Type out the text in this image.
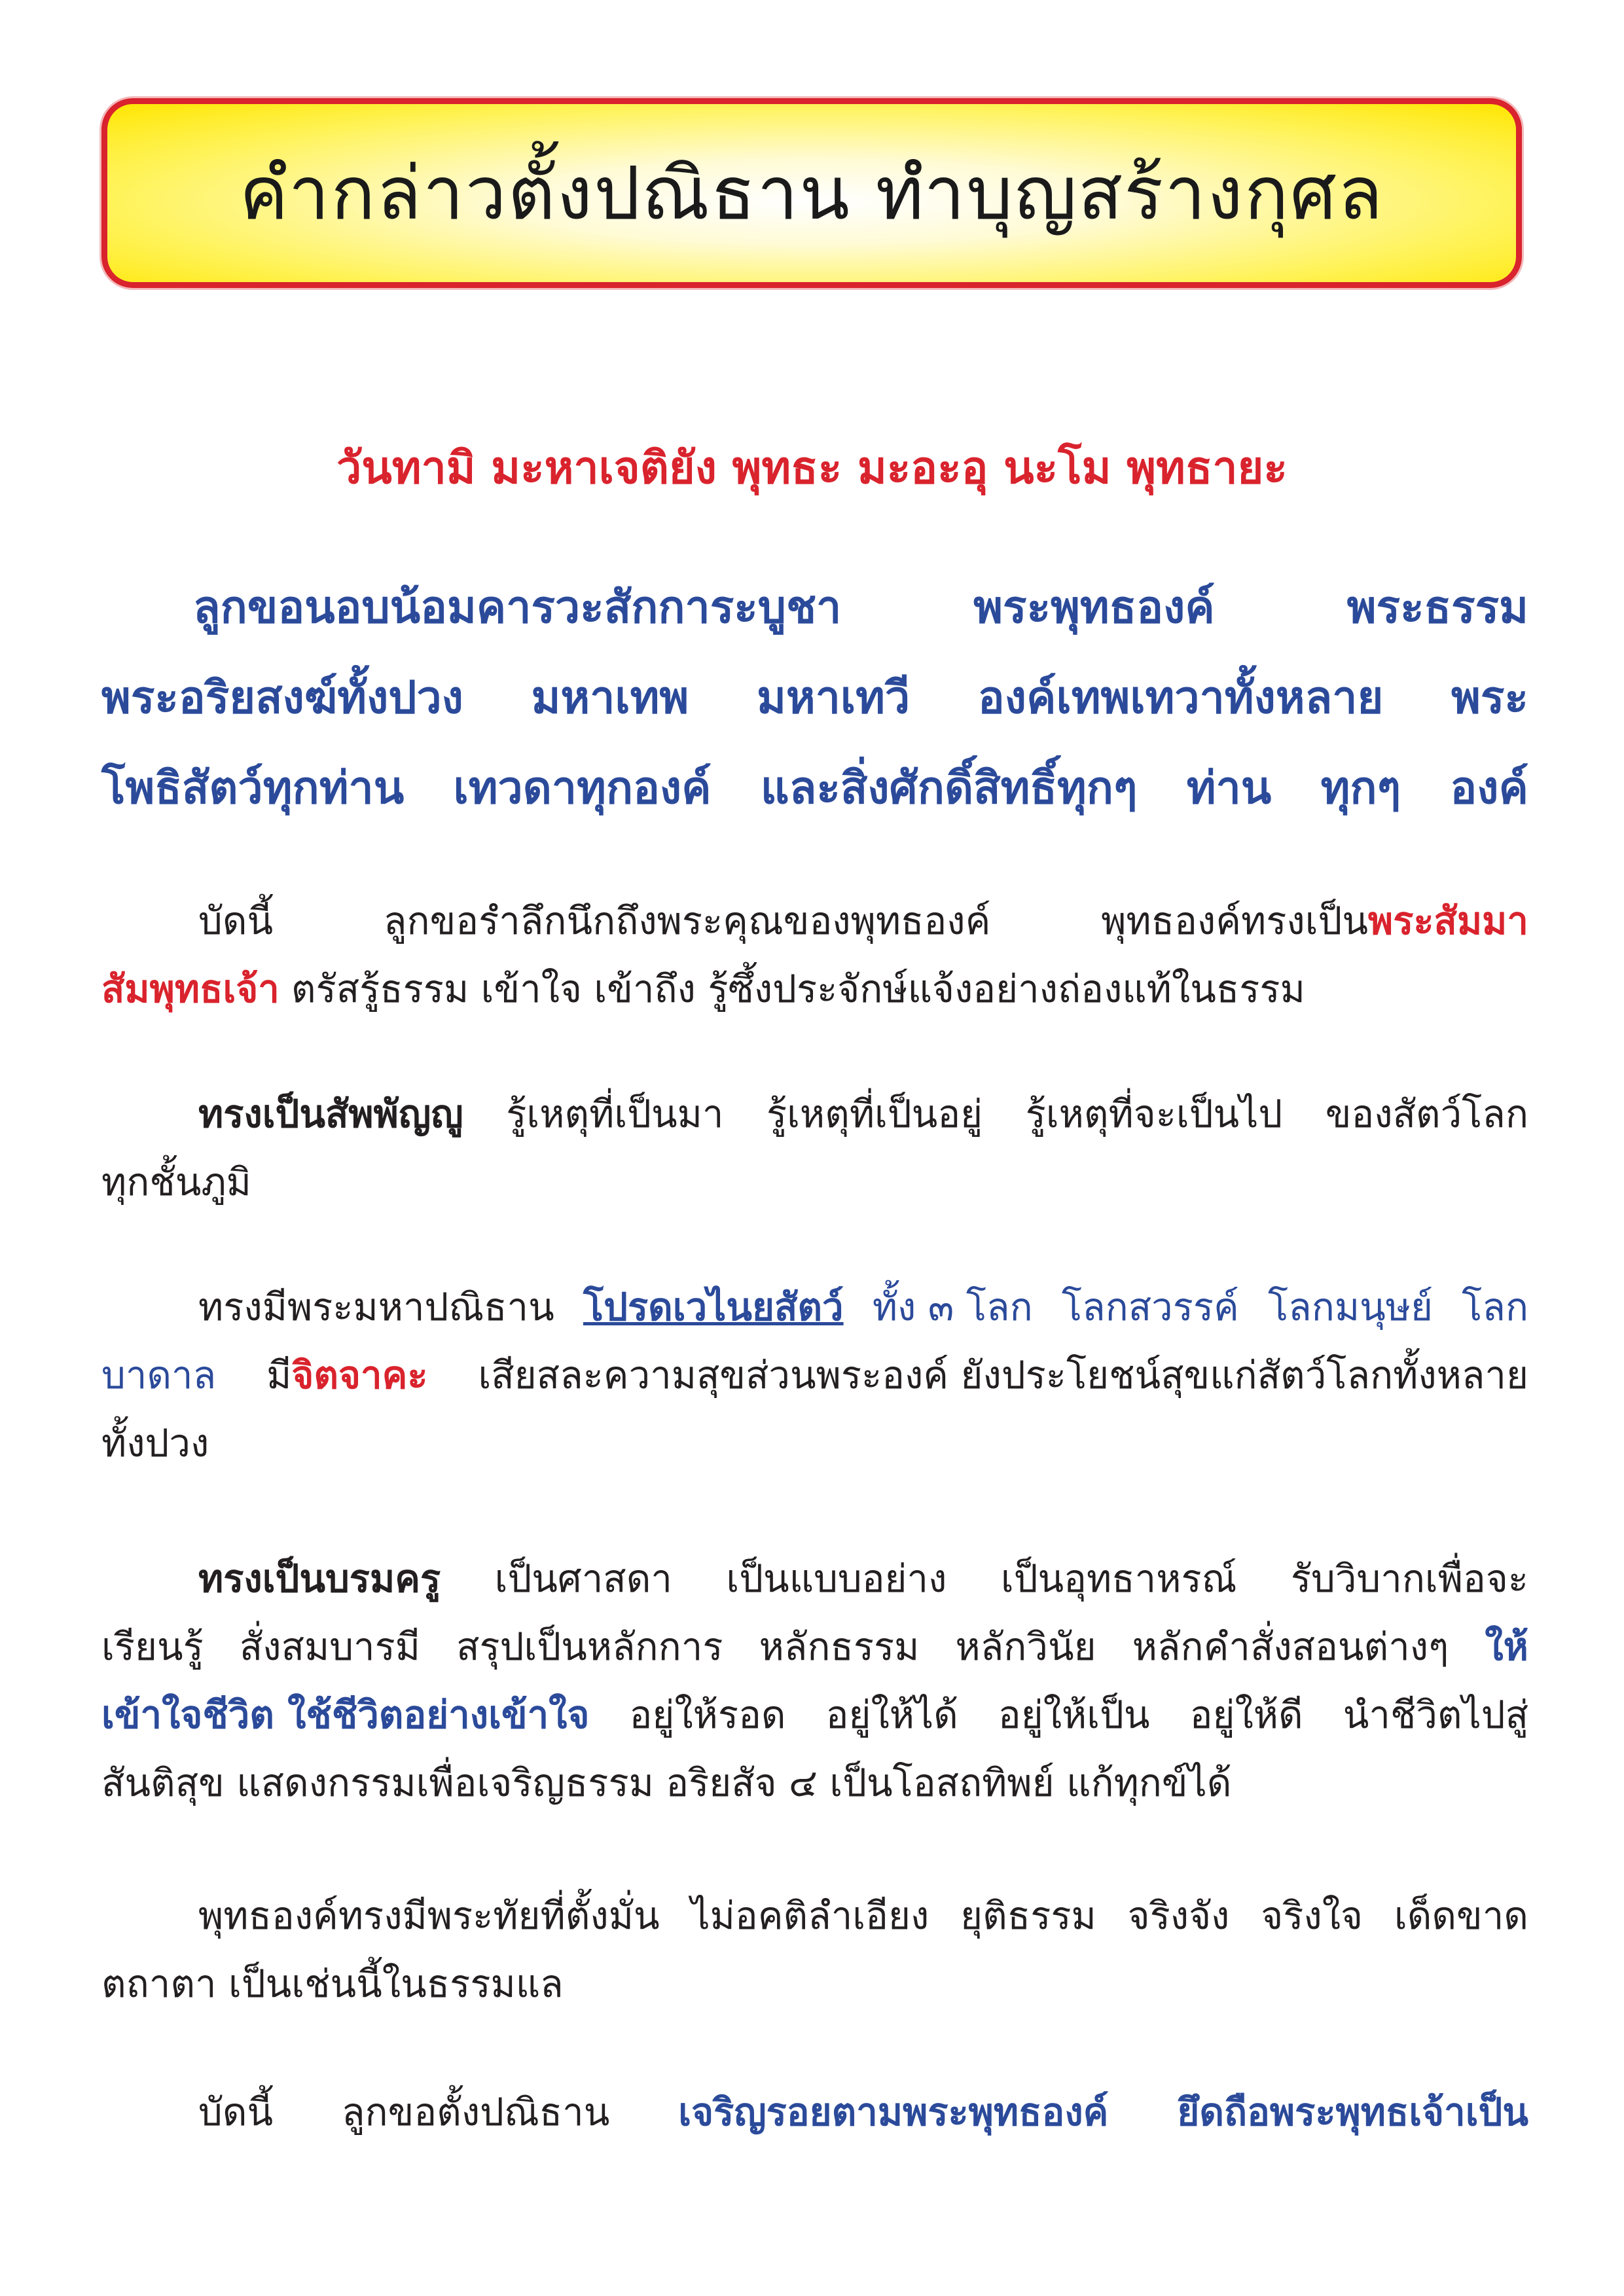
คำกล่าวตั้งปณิธาน ทำบุญสร้างกุศล
วันทามิ มะหาเจติยัง พุทธะ มะอะอุ นะโม พุทธายะ
ลูกขอนอบน้อมคารวะสักการะบูชา	พระพุทธองค์	พระธรรม
พระอริยสงฆ์ทั้งปวง มหาเทพ มหาเทวี องค์เทพเทวาทั้งหลาย พระ
โพธิสัตว์ทุกท่าน เทวดาทุกองค์ และสิ่งศักดิ์สิทธิ์ทุกๆ ท่าน ทุกๆ องค์
บัดนี้	ลูกขอรำลึกนึกถึงพระคุณของพุทธองค์	พุทธองค์ทรงเป็นพระสัมมา
สัมพุทธเจ้า ตรัสรู้ธรรม เข้าใจ เข้าถึง รู้ซึ้งประจักษ์แจ้งอย่างถ่องแท้ในธรรม
ทรงเป็นสัพพัญญู รู้เหตุที่เป็นมา รู้เหตุที่เป็นอยู่ รู้เหตุที่จะเป็นไป ของสัตว์โลก
ทุกชั้นภูมิ
ทรงมีพระมหาปณิธาน โปรดเวไนยสัตว์ ทั้ง ๓ โลก โลกสวรรค์ โลกมนุษย์ โลก
บาดาล มีจิตจาคะ เสียสละความสุขส่วนพระองค์ ยังประโยชน์สุขแก่สัตว์โลกทั้งหลาย
ทั้งปวง
ทรงเป็นบรมครู เป็นศาสดา เป็นแบบอย่าง เป็นอุทธาหรณ์ รับวิบากเพื่อจะ
เรียนรู้ สั่งสมบารมี สรุปเป็นหลักการ หลักธรรม หลักวินัย หลักคำสั่งสอนต่างๆ ให้
เข้าใจชีวิต ใช้ชีวิตอย่างเข้าใจ อยู่ให้รอด อยู่ให้ได้ อยู่ให้เป็น อยู่ให้ดี นำชีวิตไปสู่
สันติสุข แสดงกรรมเพื่อเจริญธรรม อริยสัจ ๔ เป็นโอสถทิพย์ แก้ทุกข์ได้
พุทธองค์ทรงมีพระทัยที่ตั้งมั่น ไม่อคติลำเอียง ยุติธรรม จริงจัง จริงใจ เด็ดขาด
ตถาตา เป็นเช่นนี้ในธรรมแล
บัดนี้ ลูกขอตั้งปณิธาน เจริญรอยตามพระพุทธองค์ ยึดถือพระพุทธเจ้าเป็น
